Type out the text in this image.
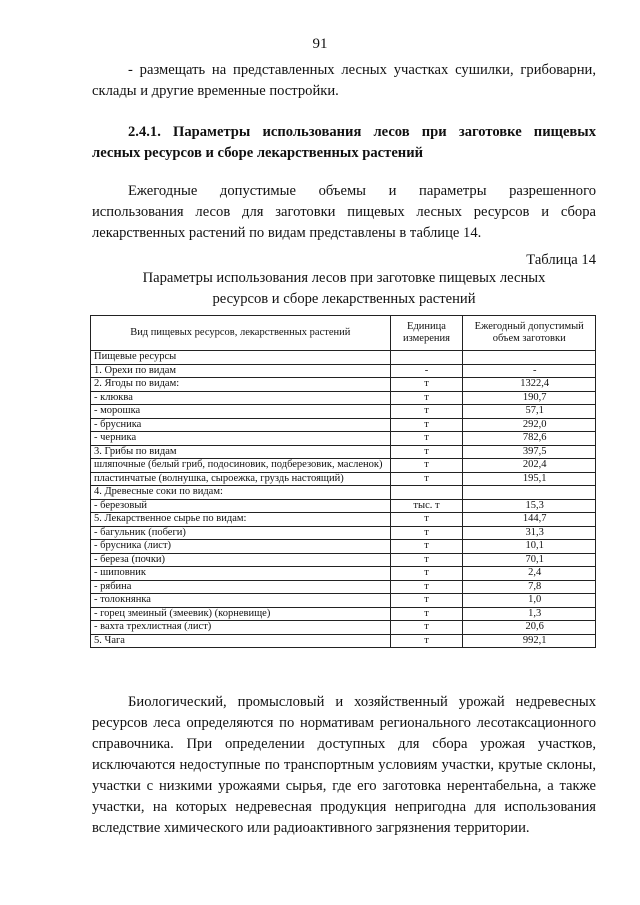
91

- размещать на представленных лесных участках сушилки, грибоварни, склады и другие временные постройки.

2.4.1. Параметры использования лесов при заготовке пищевых лесных ресурсов и сборе лекарственных растений

Ежегодные допустимые объемы и параметры разрешенного использования лесов для заготовки пищевых лесных ресурсов и сбора лекарственных растений по видам представлены в таблице 14.

Таблица 14

Параметры использования лесов при заготовке пищевых лесных
ресурсов и сборе лекарственных растений

Вид пищевых ресурсов, лекарственных растений	Единица измерения	Ежегодный допустимый объем заготовки
Пищевые ресурсы		
1. Орехи по видам	-	-
2. Ягоды по видам:	т	1322,4
- клюква	т	190,7
- морошка	т	57,1
- брусника	т	292,0
- черника	т	782,6
3. Грибы по видам	т	397,5
шляпочные (белый гриб, подосиновик, подберезовик, масленок)	т	202,4
пластинчатые (волнушка, сыроежка, груздь настоящий)	т	195,1
4. Древесные соки по видам:		
- березовый	тыс. т	15,3
5. Лекарственное сырье по видам:	т	144,7
- багульник (побеги)	т	31,3
- брусника (лист)	т	10,1
- береза (почки)	т	70,1
- шиповник	т	2,4
- рябина	т	7,8
- толокнянка	т	1,0
- горец змеиный (змеевик) (корневище)	т	1,3
- вахта трехлистная (лист)	т	20,6
5. Чага	т	992,1

Биологический, промысловый и хозяйственный урожай недревесных ресурсов леса определяются по нормативам регионального лесотаксационного справочника. При определении доступных для сбора урожая участков, исключаются недоступные по транспортным условиям участки, крутые склоны, участки с низкими урожаями сырья, где его заготовка нерентабельна, а также участки, на которых недревесная продукция непригодна для использования вследствие химического или радиоактивного загрязнения территории.
